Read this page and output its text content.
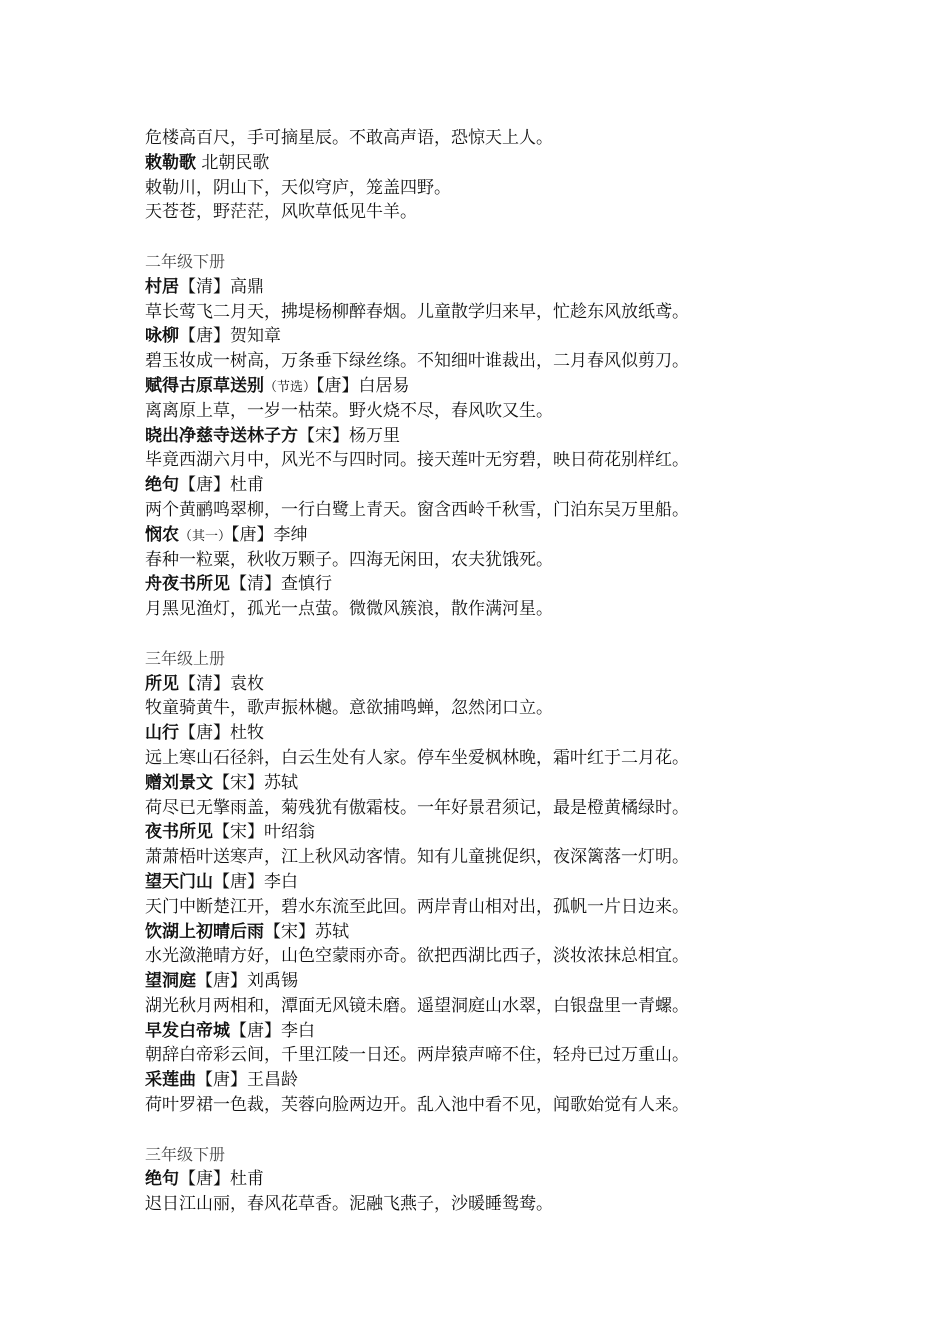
危楼高百尺，手可摘星辰。不敢高声语，恐惊天上人。
敕勒歌 北朝民歌
敕勒川，阴山下，天似穹庐，笼盖四野。
天苍苍，野茫茫，风吹草低见牛羊。
二年级下册
村居【清】高鼎
草长莺飞二月天，拂堤杨柳醉春烟。儿童散学归来早，忙趁东风放纸鸢。
咏柳【唐】贺知章
碧玉妆成一树高，万条垂下绿丝绦。不知细叶谁裁出，二月春风似剪刀。
赋得古原草送别（节选）【唐】白居易
离离原上草，一岁一枯荣。野火烧不尽，春风吹又生。
晓出净慈寺送林子方【宋】杨万里
毕竟西湖六月中，风光不与四时同。接天莲叶无穷碧，映日荷花别样红。
绝句【唐】杜甫
两个黄鹂鸣翠柳，一行白鹭上青天。窗含西岭千秋雪，门泊东吴万里船。
悯农（其一）【唐】李绅
春种一粒粟，秋收万颗子。四海无闲田，农夫犹饿死。
舟夜书所见【清】查慎行
月黑见渔灯，孤光一点萤。微微风簇浪，散作满河星。
三年级上册
所见【清】袁枚
牧童骑黄牛，歌声振林樾。意欲捕鸣蝉，忽然闭口立。
山行【唐】杜牧
远上寒山石径斜，白云生处有人家。停车坐爱枫林晚，霜叶红于二月花。
赠刘景文【宋】苏轼
荷尽已无擎雨盖，菊残犹有傲霜枝。一年好景君须记，最是橙黄橘绿时。
夜书所见【宋】叶绍翁
萧萧梧叶送寒声，江上秋风动客情。知有儿童挑促织，夜深篱落一灯明。
望天门山【唐】李白
天门中断楚江开，碧水东流至此回。两岸青山相对出，孤帆一片日边来。
饮湖上初晴后雨【宋】苏轼
水光潋滟晴方好，山色空蒙雨亦奇。欲把西湖比西子，淡妆浓抹总相宜。
望洞庭【唐】刘禹锡
湖光秋月两相和，潭面无风镜未磨。遥望洞庭山水翠，白银盘里一青螺。
早发白帝城【唐】李白
朝辞白帝彩云间，千里江陵一日还。两岸猿声啼不住，轻舟已过万重山。
采莲曲【唐】王昌龄
荷叶罗裙一色裁，芙蓉向脸两边开。乱入池中看不见，闻歌始觉有人来。
三年级下册
绝句【唐】杜甫
迟日江山丽，春风花草香。泥融飞燕子，沙暖睡鸳鸯。
